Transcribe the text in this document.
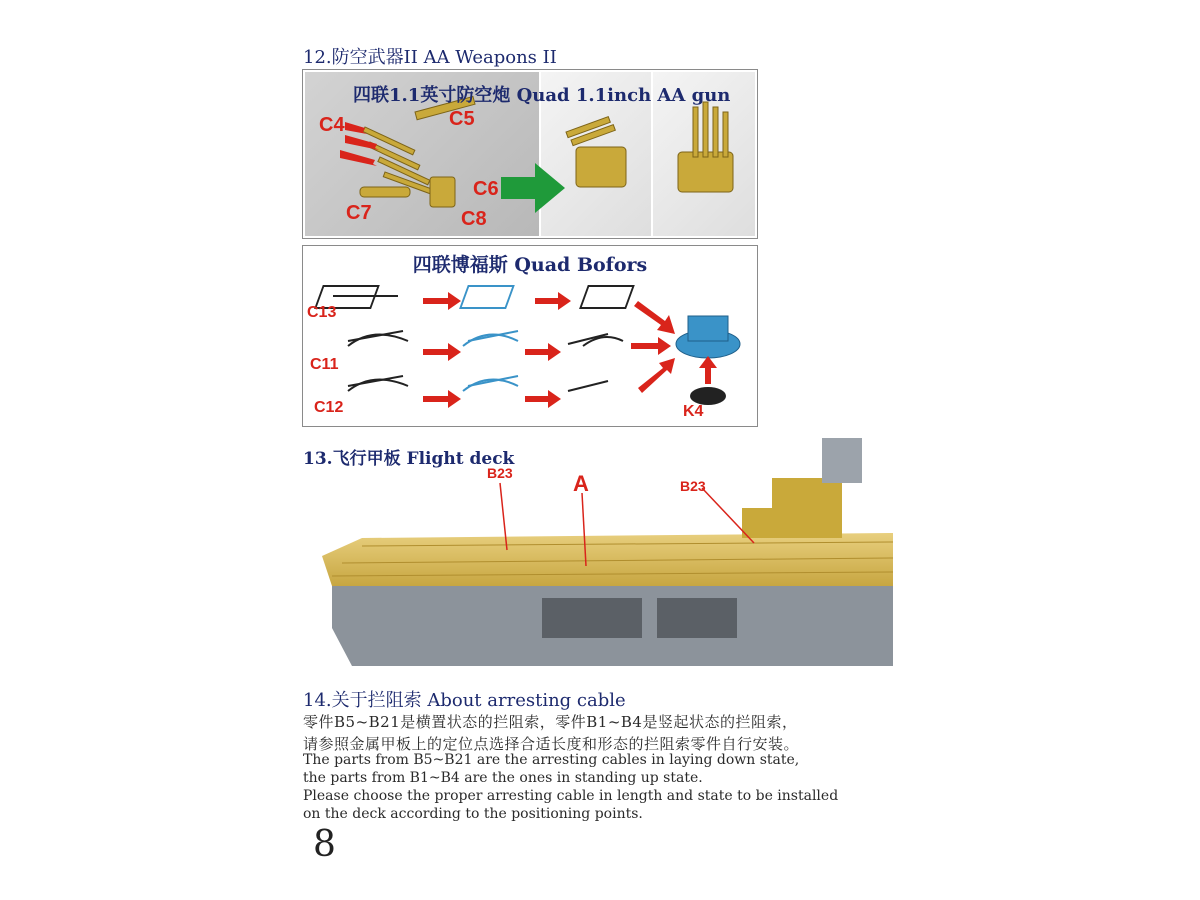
12.防空武器II AA Weapons II
四联1.1英寸防空炮 Quad 1.1inch AA gun
C4	C5
C6
C7	C8
四联博福斯 Quad Bofors
C13
C11
C12	K4
13.飞行甲板 Flight deck
B23	A	B23
14.关于拦阻索 About arresting cable
零件B5~B21是横置状态的拦阻索，零件B1~B4是竖起状态的拦阻索，
请参照金属甲板上的定位点选择合适长度和形态的拦阻索零件自行安装。
The parts from B5~B21 are the arresting cables in laying down state,
the parts from B1~B4 are the ones in standing up state.
Please choose the proper arresting cable in length and state to be installed
on the deck according to the positioning points.
8
